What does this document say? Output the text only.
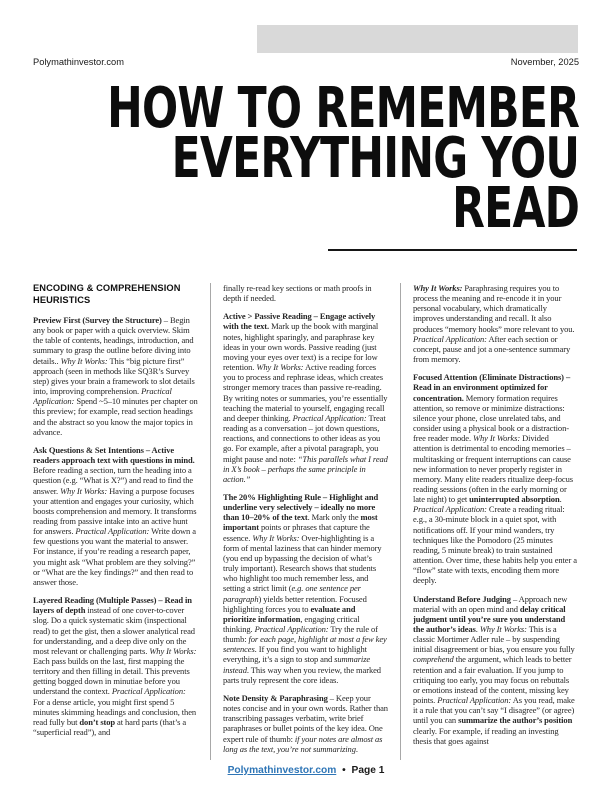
Polymathinvestor.com	November, 2025
HOW TO REMEMBER
EVERYTHING YOU
READ
ENCODING & COMPREHENSION HEURISTICS

Preview First (Survey the Structure) – Begin any book or paper with a quick overview. Skim the table of contents, headings, introduction, and summary to grasp the outline before diving into details.. Why It Works: This “big picture first” approach (seen in methods like SQ3R’s Survey step) gives your brain a framework to slot details into, improving comprehension. Practical Application: Spend ~5–10 minutes per chapter on this preview; for example, read section headings and the abstract so you know the major topics in advance.

Ask Questions & Set Intentions – Active readers approach text with questions in mind. Before reading a section, turn the heading into a question (e.g. “What is X?”) and read to find the answer. Why It Works: Having a purpose focuses your attention and engages your curiosity, which boosts comprehension and memory. It transforms reading from passive intake into an active hunt for answers. Practical Application: Write down a few questions you want the material to answer. For instance, if you’re reading a research paper, you might ask “What problem are they solving?” or “What are the key findings?” and then read to answer those.

Layered Reading (Multiple Passes) – Read in layers of depth instead of one cover-to-cover slog. Do a quick systematic skim (inspectional read) to get the gist, then a slower analytical read for understanding, and a deep dive only on the most relevant or challenging parts. Why It Works: Each pass builds on the last, first mapping the territory and then filling in detail. This prevents getting bogged down in minutiae before you understand the context. Practical Application: For a dense article, you might first spend 5 minutes skimming headings and conclusion, then read fully but don’t stop at hard parts (that’s a “superficial read”), and

finally re-read key sections or math proofs in depth if needed.

Active > Passive Reading – Engage actively with the text. Mark up the book with marginal notes, highlight sparingly, and paraphrase key ideas in your own words. Passive reading (just moving your eyes over text) is a recipe for low retention. Why It Works: Active reading forces you to process and rephrase ideas, which creates stronger memory traces than passive re-reading. By writing notes or summaries, you’re essentially teaching the material to yourself, engaging recall and deeper thinking. Practical Application: Treat reading as a conversation – jot down questions, reactions, and connections to other ideas as you go. For example, after a pivotal paragraph, you might pause and note: “This parallels what I read in X’s book – perhaps the same principle in action.”

The 20% Highlighting Rule – Highlight and underline very selectively – ideally no more than 10–20% of the text. Mark only the most important points or phrases that capture the essence. Why It Works: Over-highlighting is a form of mental laziness that can hinder memory (you end up bypassing the decision of what’s truly important). Research shows that students who highlight too much remember less, and setting a strict limit (e.g. one sentence per paragraph) yields better retention. Focused highlighting forces you to evaluate and prioritize information, engaging critical thinking. Practical Application: Try the rule of thumb: for each page, highlight at most a few key sentences. If you find you want to highlight everything, it’s a sign to stop and summarize instead. This way when you review, the marked parts truly represent the core ideas.

Note Density & Paraphrasing – Keep your notes concise and in your own words. Rather than transcribing passages verbatim, write brief paraphrases or bullet points of the key idea. One expert rule of thumb: if your notes are almost as long as the text, you’re not summarizing.

Why It Works: Paraphrasing requires you to process the meaning and re-encode it in your personal vocabulary, which dramatically improves understanding and recall. It also produces “memory hooks” more relevant to you. Practical Application: After each section or concept, pause and jot a one-sentence summary from memory.

Focused Attention (Eliminate Distractions) – Read in an environment optimized for concentration. Memory formation requires attention, so remove or minimize distractions: silence your phone, close unrelated tabs, and consider using a physical book or a distraction-free reader mode. Why It Works: Divided attention is detrimental to encoding memories – multitasking or frequent interruptions can cause new information to never properly register in memory. Many elite readers ritualize deep-focus reading sessions (often in the early morning or late night) to get uninterrupted absorption. Practical Application: Create a reading ritual: e.g., a 30-minute block in a quiet spot, with notifications off. If your mind wanders, try techniques like the Pomodoro (25 minutes reading, 5 minute break) to train sustained attention. Over time, these habits help you enter a “flow” state with texts, encoding them more deeply.

Understand Before Judging – Approach new material with an open mind and delay critical judgment until you’re sure you understand the author’s ideas. Why It Works: This is a classic Mortimer Adler rule – by suspending initial disagreement or bias, you ensure you fully comprehend the argument, which leads to better retention and a fair evaluation. If you jump to critiquing too early, you may focus on rebuttals or emotions instead of the content, missing key points. Practical Application: As you read, make it a rule that you can’t say “I disagree” (or agree) until you can summarize the author’s position clearly. For example, if reading an investing thesis that goes against

Polymathinvestor.com • Page 1
